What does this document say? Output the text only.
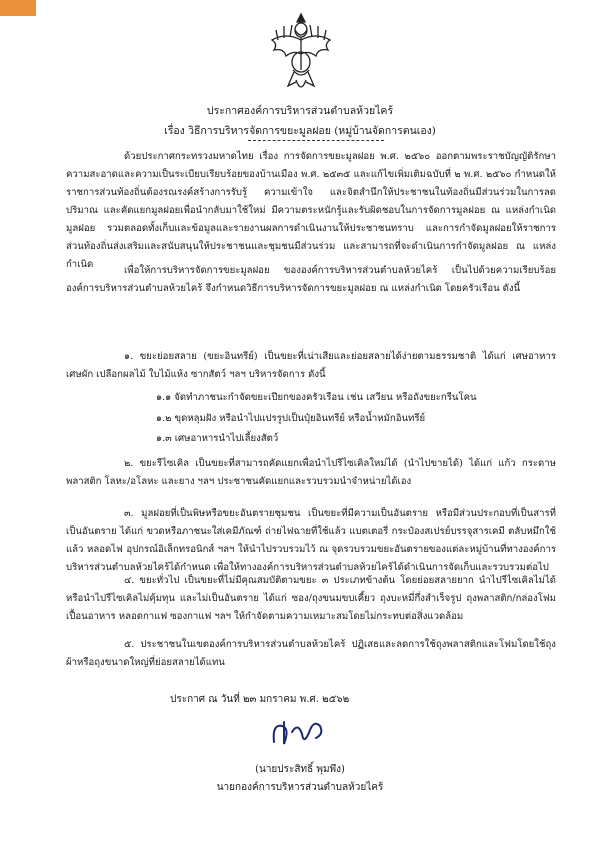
ประกาศองค์การบริหารส่วนตำบลห้วยไคร้
เรื่อง วิธีการบริหารจัดการขยะมูลฝอย (หมู่บ้านจัดการตนเอง)

ด้วยประกาศกระทรวงมหาดไทย เรื่อง การจัดการขยะมูลฝอย พ.ศ. ๒๕๖๐ ออกตามพระราชบัญญัติรักษาความสะอาดและความเป็นระเบียบเรียบร้อยของบ้านเมือง พ.ศ. ๒๕๓๕ และแก้ไขเพิ่มเติมฉบับที่ ๒ พ.ศ. ๒๕๖๐ กำหนดให้ราชการส่วนท้องถิ่นต้องรณรงค์สร้างการรับรู้ ความเข้าใจ และจิตสำนึกให้ประชาชนในท้องถิ่นมีส่วนร่วมในการลดปริมาณ และคัดแยกมูลฝอยเพื่อนำกลับมาใช้ใหม่ มีความตระหนักรู้และรับผิดชอบในการจัดการมูลฝอย ณ แหล่งกำเนิดมูลฝอย รวมตลอดทั้งเก็บและข้อมูลและรายงานผลการดำเนินงานให้ประชาชนทราบ และการกำจัดมูลฝอยให้ราชการส่วนท้องถิ่นส่งเสริมและสนับสนุนให้ประชาชนและชุมชนมีส่วนร่วม และสามารถที่จะดำเนินการกำจัดมูลฝอย ณ แหล่งกำเนิด

เพื่อให้การบริหารจัดการขยะมูลฝอย ขององค์การบริหารส่วนตำบลห้วยไคร้ เป็นไปด้วยความเรียบร้อย องค์การบริหารส่วนตำบลห้วยไคร้ จึงกำหนดวิธีการบริหารจัดการขยะมูลฝอย ณ แหล่งกำเนิด โดยครัวเรือน ดังนี้

๑. ขยะย่อยสลาย (ขยะอินทรีย์) เป็นขยะที่เน่าเสียและย่อยสลายได้ง่ายตามธรรมชาติ ได้แก่ เศษอาหาร เศษผัก เปลือกผลไม้ ใบไม้แห้ง ซากสัตว์ ฯลฯ บริหารจัดการ ดังนี้

๑.๑ จัดทำภาชนะกำจัดขยะเปียกของครัวเรือน เช่น เสวียน หรือถังขยะกรีนโคน

๑.๒ ขุดหลุมฝัง หรือนำไปแปรรูปเป็นปุ๋ยอินทรีย์ หรือน้ำหมักอินทรีย์

๑.๓ เศษอาหารนำไปเลี้ยงสัตว์

๒. ขยะรีไซเคิล เป็นขยะที่สามารถคัดแยกเพื่อนำไปรีไซเคิลใหม่ได้ (นำไปขายได้) ได้แก่ แก้ว กระดาษ พลาสติก โลหะ/อโลหะ และยาง ฯลฯ ประชาชนคัดแยกและรวบรวมนำจำหน่ายได้เอง

๓. มูลฝอยที่เป็นพิษหรือขยะอันตรายชุมชน เป็นขยะที่มีความเป็นอันตราย หรือมีส่วนประกอบที่เป็นสารที่เป็นอันตราย ได้แก่ ขวดหรือภาชนะใส่เคมีภัณฑ์ ถ่ายไฟฉายที่ใช้แล้ว แบตเตอรี่ กระป๋องสเปรย์บรรจุสารเคมี ตลับหมึกใช้แล้ว หลอดไฟ อุปกรณ์อิเล็กทรอนิกส์ ฯลฯ ให้นำไปรวบรวมไว้ ณ จุดรวบรวมขยะอันตรายของแต่ละหมู่บ้านที่ทางองค์การบริหารส่วนตำบลห้วยไคร้ได้กำหนด เพื่อให้ทางองค์การบริหารส่วนตำบลห้วยไคร้ได้ดำเนินการจัดเก็บและรวบรวมต่อไป

๔. ขยะทั่วไป เป็นขยะที่ไม่มีคุณสมบัติตามขยะ ๓ ประเภทข้างต้น โดยย่อยสลายยาก นำไปรีไซเคิลไม่ได้ หรือนำไปรีไซเคิลไม่คุ้มทุน และไม่เป็นอันตราย ได้แก่ ซอง/ถุงขนมขบเคี้ยว ถุงบะหมี่กึ่งสำเร็จรูป ถุงพลาสติก/กล่องโฟมเปื้อนอาหาร หลอดกาแฟ ซองกาแฟ ฯลฯ ให้กำจัดตามความเหมาะสมโดยไม่กระทบต่อสิ่งแวดล้อม

๕. ประชาชนในเขตองค์การบริหารส่วนตำบลห้วยไคร้ ปฏิเสธและลดการใช้ถุงพลาสติกและโฟมโดยใช้ถุงผ้าหรือถุงขนาดใหญ่ที่ย่อยสลายได้แทน

ประกาศ ณ วันที่ ๒๓ มกราคม พ.ศ. ๒๕๖๒
(นายประสิทธิ์ พุมพึง)
นายกองค์การบริหารส่วนตำบลห้วยไคร้
